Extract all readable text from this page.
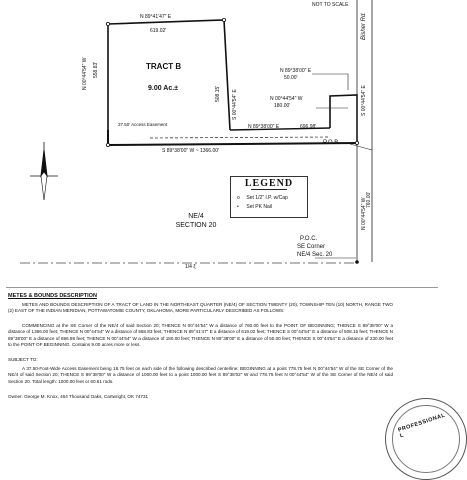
NOT TO SCALE
N 89°41'47" E
619.02'
N 00°44'54" W 558.83'
508.15' S 00°44'54" E
TRACT B
9.00 Ac.±
37.50' Access Easement	N 89°38'00" E	696.98'
S 89°38'00" W ~ 1366.00'
N 89°38'00" E
50.00'
N 00°44'54" W
180.00'
Bisher Rd.
S 00°44'54" E
N 00°44'54" W 760.00'
P.O.B.
NE/4
SECTION 20
P.O.C.
SE Corner
NE/4 Sec. 20
1/4 ξ
LEGEND
o Set 1/2" I.P. w/Cap
• Set PK Nail
METES & BOUNDS DESCRIPTION
METES AND BOUNDS DESCRIPTION OF A TRACT OF LAND IN THE NORTHEAST QUARTER (NE/4) OF SECTION TWENTY (20), TOWNSHIP TEN (10) NORTH, RANGE TWO (2) EAST OF THE INDIAN MERIDIAN, POTTAWATOMIE COUNTY, OKLAHOMA, MORE PARTICULARLY DESCRIBED AS FOLLOWS:
COMMENCING at the SE Corner of the NE/4 of said Section 20; THENCE N 00°44'54" W a distance of 760.00 feet to the POINT OF BEGINNING; THENCE S 89°38'00" W a distance of 1366.00 feet; THENCE N 00°44'54" W a distance of 558.83 feet; THENCE N 89°41'47" E a distance of 619.02 feet; THENCE S 00°44'54" E a distance of 508.15 feet; THENCE N 89°38'00" E a distance of 696.98 feet; THENCE N 00°44'54" W a distance of 180.00 feet; THENCE N 89°38'00" E a distance of 50.00 feet; THENCE S 00°44'54" E a distance of 230.00 feet to the POINT OF BEGINNING. Contains 9.00 acres more or less.
SUBJECT TO:
A 37.50-Foot-Wide Access Easement being 18.75 feet on each side of the following described centerline: BEGINNING at a point 778.75 feet N 00°44'54" W of the SE Corner of the NE/4 of said Section 20; THENCE S 89°38'00" W a distance of 1000.00 feet to a point 1000.00 feet S 89°38'02" W and 778.75 feet N 00°44'54" W of the SE Corner of the NE/4 of said Section 20. Total length: 1000.00 feet or 60.61 rods.
Owner: George M. Knox, 464 Thousand Oaks, Cartwright, OK 74731
PROFESSIONAL L
